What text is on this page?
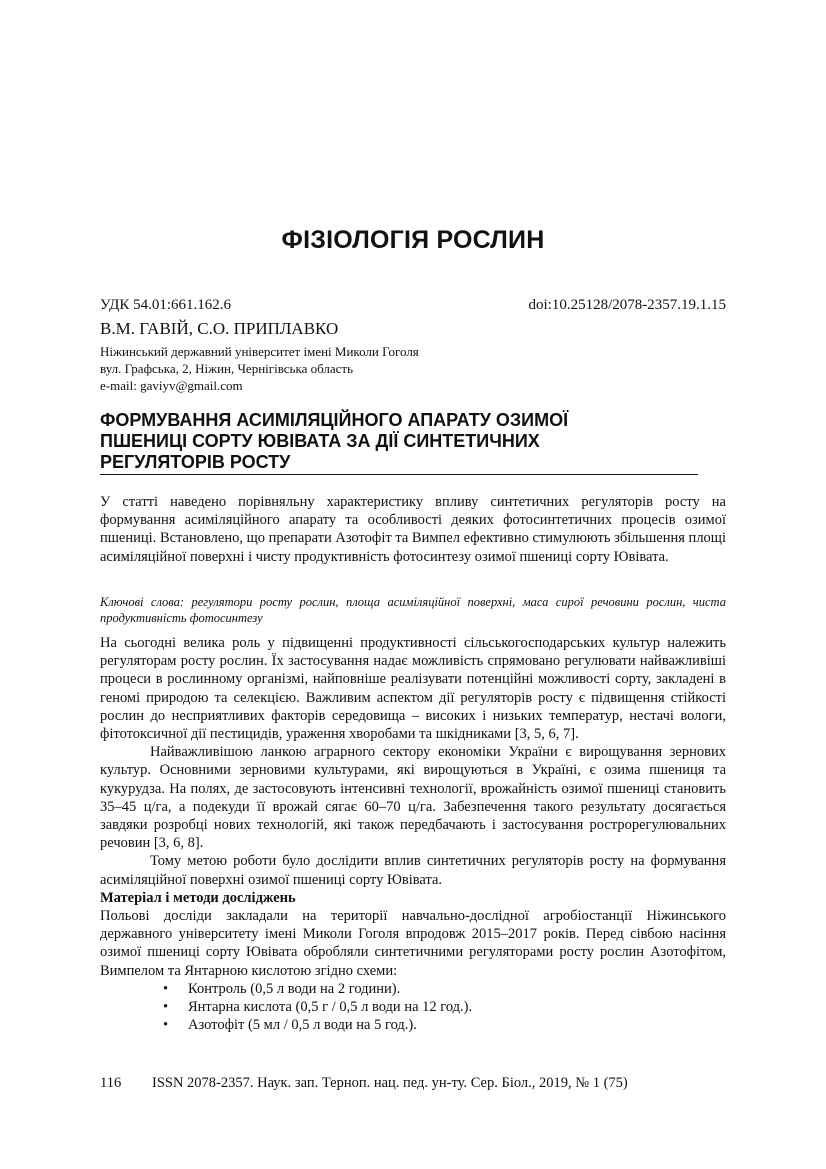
ФІЗІОЛОГІЯ РОСЛИН
УДК 54.01:661.162.6	doi:10.25128/2078-2357.19.1.15
В.М. ГАВІЙ, С.О. ПРИПЛАВКО
Ніжинський державний університет імені Миколи Гоголя
вул. Графська, 2, Ніжин, Чернігівська область
e-mail: gaviyv@gmail.com
ФОРМУВАННЯ АСИМІЛЯЦІЙНОГО АПАРАТУ ОЗИМОЇ
ПШЕНИЦІ СОРТУ ЮВІВАТА ЗА ДІЇ СИНТЕТИЧНИХ
РЕГУЛЯТОРІВ РОСТУ
У статті наведено порівняльну характеристику впливу синтетичних регуляторів росту на формування асиміляційного апарату та особливості деяких фотосинтетичних процесів озимої пшениці. Встановлено, що препарати Азотофіт та Вимпел ефективно стимулюють збільшення площі асиміляційної поверхні і чисту продуктивність фотосинтезу озимої пшениці сорту Ювівата.
Ключові слова: регулятори росту рослин, площа асиміляційної поверхні, маса сирої речовини рослин, чиста продуктивність фотосинтезу

На сьогодні велика роль у підвищенні продуктивності сільськогосподарських культур належить регуляторам росту рослин. Їх застосування надає можливість спрямовано регулювати найважливіші процеси в рослинному організмі, найповніше реалізувати потенційні можливості сорту, закладені в геномі природою та селекцією. Важливим аспектом дії регуляторів росту є підвищення стійкості рослин до несприятливих факторів середовища – високих і низьких температур, нестачі вологи, фітотоксичної дії пестицидів, ураження хворобами та шкідниками [3, 5, 6, 7].

Найважливішою ланкою аграрного сектору економіки України є вирощування зернових культур. Основними зерновими культурами, які вирощуються в Україні, є озима пшениця та кукурудза. На полях, де застосовують інтенсивні технології, врожайність озимої пшениці становить 35–45 ц/га, а подекуди її врожай сягає 60–70 ц/га. Забезпечення такого результату досягається завдяки розробці нових технологій, які також передбачають і застосування рострорегулювальних речовин [3, 6, 8].

Тому метою роботи було дослідити вплив синтетичних регуляторів росту на формування асиміляційної поверхні озимої пшениці сорту Ювівата.

Матеріал і методи досліджень

Польові досліди закладали на території навчально-дослідної агробіостанції Ніжинського державного університету імені Миколи Гоголя впродовж 2015–2017 років. Перед сівбою насіння озимої пшениці сорту Ювівата обробляли синтетичними регуляторами росту рослин Азотофітом, Вимпелом та Янтарною кислотою згідно схеми:

• Контроль (0,5 л води на 2 години).
• Янтарна кислота (0,5 г / 0,5 л води на 12 год.).
• Азотофіт (5 мл / 0,5 л води на 5 год.).
116 ISSN 2078-2357. Наук. зап. Терноп. нац. пед. ун-ту. Сер. Біол., 2019, № 1 (75)
